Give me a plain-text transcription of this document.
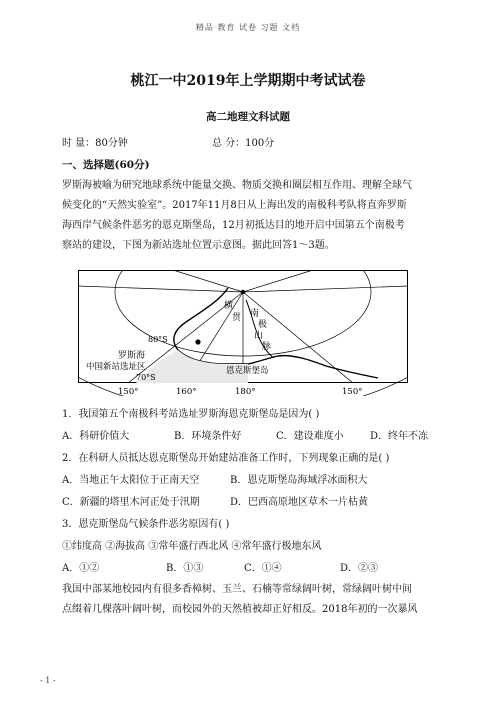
精品 教育 试卷 习题 文档
桃江一中2019年上学期期中考试试卷
高二地理文科试题
时 量：80分钟	总 分：100分
一、选择题(60分)
罗斯海被喻为研究地球系统中能量交换、物质交换和圈层相互作用、理解全球气
候变化的“天然实验室”。2017年11月8日从上海出发的南极科考队将直奔罗斯
海西岸气候条件恶劣的恩克斯堡岛，12月初抵达目的地开启中国第五个南极考
察站的建设，下图为新站选址位置示意图。据此回答1～3题。
80°S
70°S
罗斯海
中国新站选址区	恩克斯堡岛
横
贯 南
极
山
脉
150°	160°	180°	150°
1．我国第五个南极科考站选址罗斯海恩克斯堡岛是因为( )
A．科研价值大	B．环境条件好	C．建设难度小	D．终年不冻
2．在科研人员抵达恩克斯堡岛开始建站准备工作时，下列现象正确的是( )
A．当地正午太阳位于正南天空	B．恩克斯堡岛海域浮冰面积大
C．新疆的塔里木河正处于汛期	D．巴西高原地区草木一片枯黄
3．恩克斯堡岛气候条件恶劣原因有( )
①纬度高 ②海拔高 ③常年盛行西北风 ④常年盛行极地东风
A．①②	B．①③	C．①④	D．②③
我国中部某地校园内有很多香樟树、玉兰、石楠等常绿阔叶树，常绿阔叶树中间
点缀着几棵落叶阔叶树，而校园外的天然植被却正好相反。2018年初的一次暴风
- 1 -
